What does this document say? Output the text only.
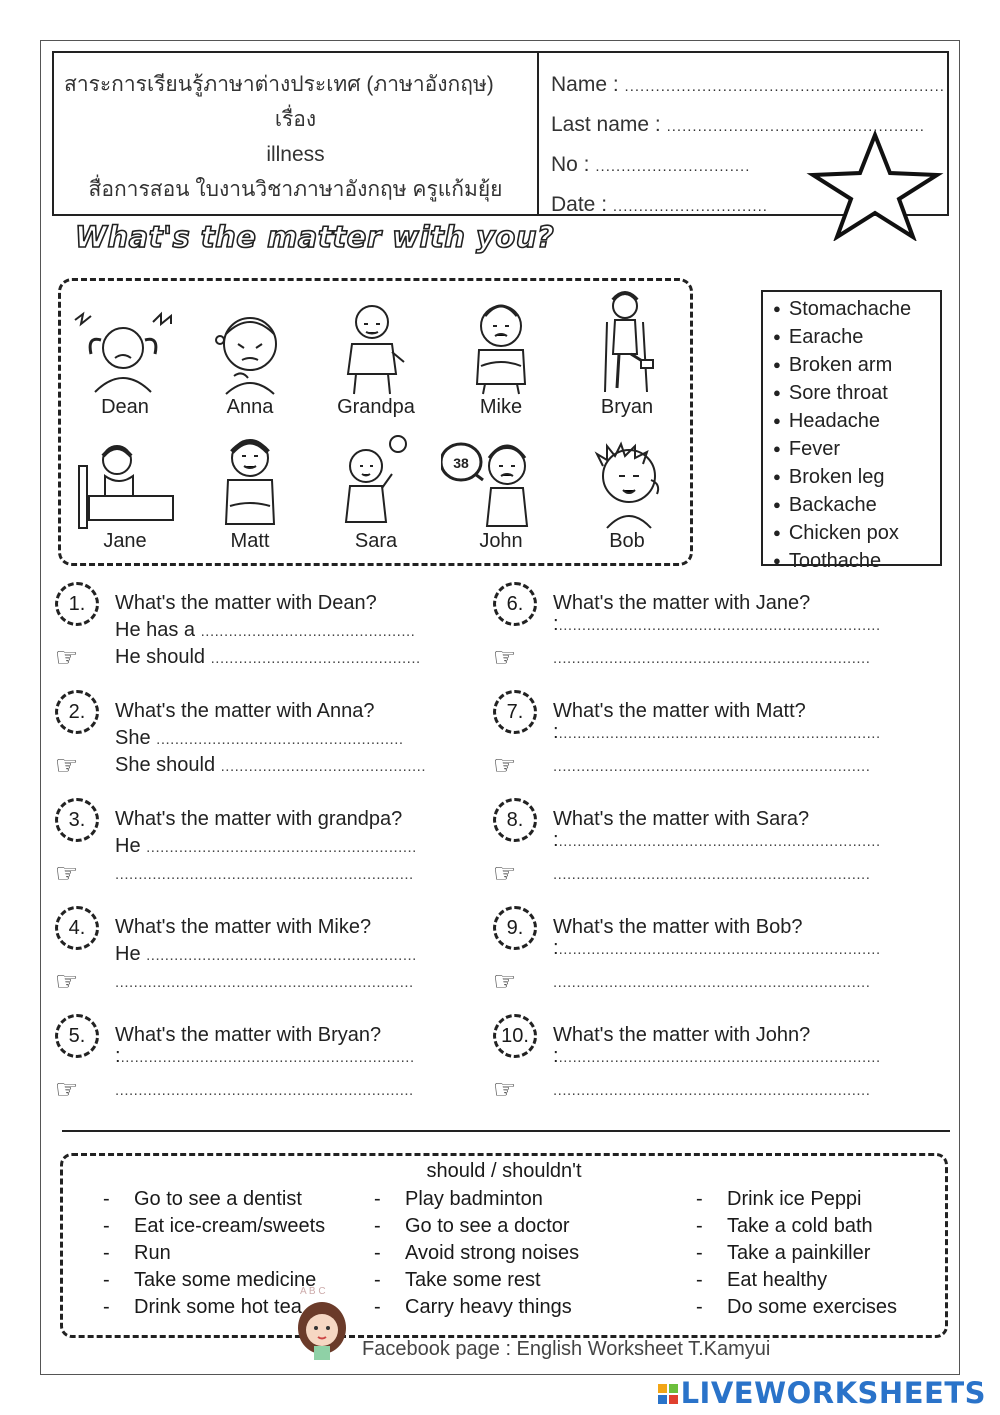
สาระการเรียนรู้ภาษาต่างประเทศ (ภาษาอังกฤษ)
เรื่อง
illness
สื่อการสอน ใบงานวิชาภาษาอังกฤษ ครูแก้มยุ้ย
Name : ..............................................................
Last name : ..................................................
No : ..............................
Date : ..............................
What's the matter with you?
Dean	Anna	Grandpa	Mike	Bryan
Jane	Matt	Sara
38
John	Bob
● Stomachache
● Earache
● Broken arm
● Sore throat
● Headache
● Fever
● Broken leg
● Backache
● Chicken pox
● Toothache
1.	What's the matter with Dean?
He has a ..............................................
☞ He should .............................................
2.	What's the matter with Anna?
She .....................................................
☞ She should ............................................
3.	What's the matter with grandpa?
He ..........................................................
☞ ................................................................
4.	What's the matter with Mike?
He ..........................................................
☞ ................................................................
5.	What's the matter with Bryan?
:...............................................................
☞ ................................................................
6.	What's the matter with Jane?
:.....................................................................
☞ ....................................................................
7.	What's the matter with Matt?
:.....................................................................
☞ ....................................................................
8.	What's the matter with Sara?
:.....................................................................
☞ ....................................................................
9.	What's the matter with Bob?
:.....................................................................
☞ ....................................................................
10.	What's the matter with John?
:.....................................................................
☞ ....................................................................
should / shouldn't
- Go to see a dentist
- Eat ice-cream/sweets
- Run
- Take some medicine
- Drink some hot tea
- Play badminton
- Go to see a doctor
- Avoid strong noises
- Take some rest
- Carry heavy things
- Drink ice Peppi
- Take a cold bath
- Take a painkiller
- Eat healthy
- Do some exercises
A B C
Facebook page : English Worksheet T.Kamyui
LIVEWORKSHEETS
